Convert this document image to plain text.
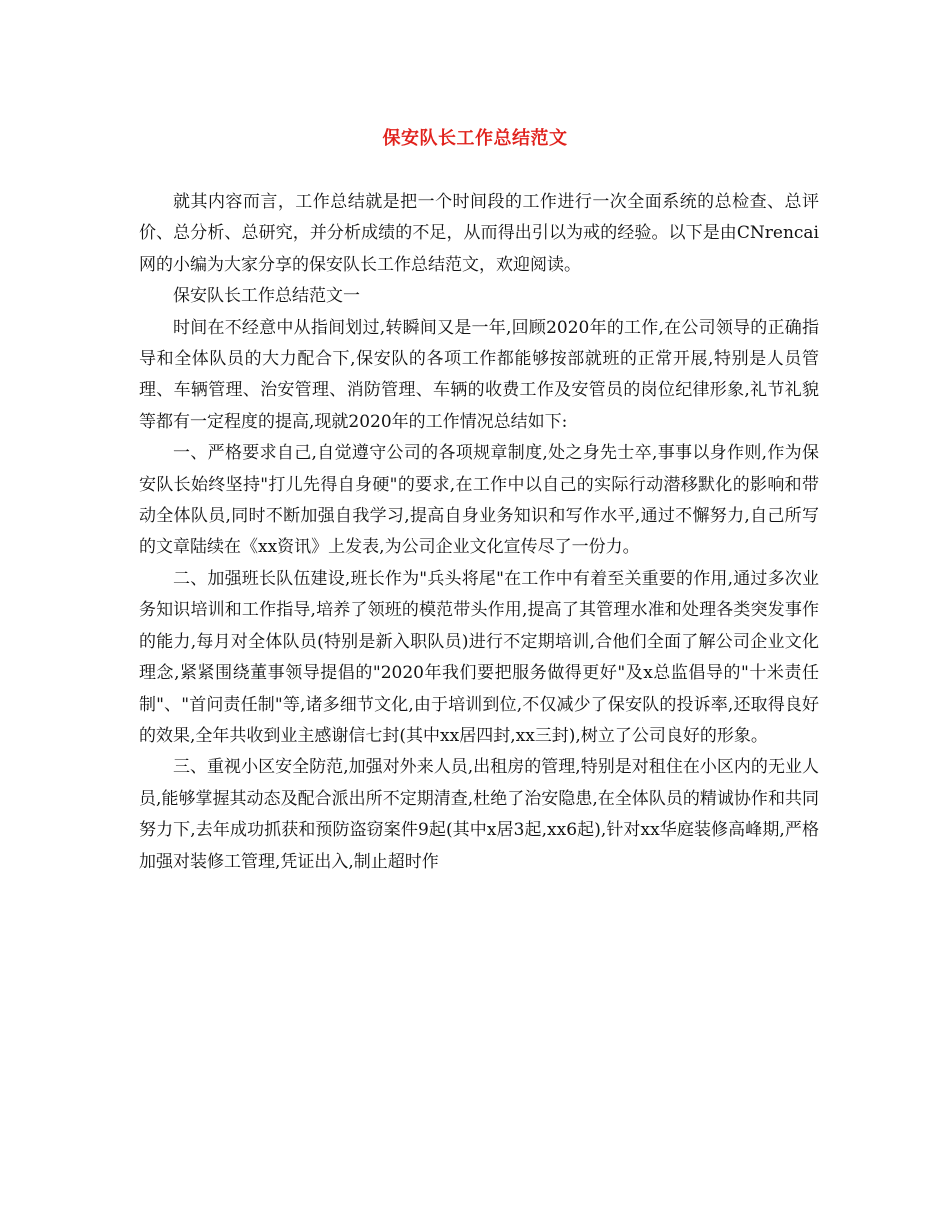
保安队长工作总结范文

就其内容而言，工作总结就是把一个时间段的工作进行一次全面系统的总检查、总评价、总分析、总研究，并分析成绩的不足，从而得出引以为戒的经验。以下是由CNrencai网的小编为大家分享的保安队长工作总结范文，欢迎阅读。

保安队长工作总结范文一

时间在不经意中从指间划过,转瞬间又是一年,回顾2020年的工作,在公司领导的正确指导和全体队员的大力配合下,保安队的各项工作都能够按部就班的正常开展,特别是人员管理、车辆管理、治安管理、消防管理、车辆的收费工作及安管员的岗位纪律形象,礼节礼貌等都有一定程度的提高,现就2020年的工作情况总结如下:

一、严格要求自己,自觉遵守公司的各项规章制度,处之身先士卒,事事以身作则,作为保安队长始终坚持"打儿先得自身硬"的要求,在工作中以自己的实际行动潜移默化的影响和带动全体队员,同时不断加强自我学习,提高自身业务知识和写作水平,通过不懈努力,自己所写的文章陆续在《xx资讯》上发表,为公司企业文化宣传尽了一份力。

二、加强班长队伍建设,班长作为"兵头将尾"在工作中有着至关重要的作用,通过多次业务知识培训和工作指导,培养了领班的模范带头作用,提高了其管理水准和处理各类突发事作的能力,每月对全体队员(特别是新入职队员)进行不定期培训,合他们全面了解公司企业文化理念,紧紧围绕董事领导提倡的"2020年我们要把服务做得更好"及x总监倡导的"十米责任制"、"首问责任制"等,诸多细节文化,由于培训到位,不仅减少了保安队的投诉率,还取得良好的效果,全年共收到业主感谢信七封(其中xx居四封,xx三封),树立了公司良好的形象。

三、重视小区安全防范,加强对外来人员,出租房的管理,特别是对租住在小区内的无业人员,能够掌握其动态及配合派出所不定期清查,杜绝了治安隐患,在全体队员的精诚协作和共同努力下,去年成功抓获和预防盗窃案件9起(其中x居3起,xx6起),针对xx华庭装修高峰期,严格加强对装修工管理,凭证出入,制止超时作
